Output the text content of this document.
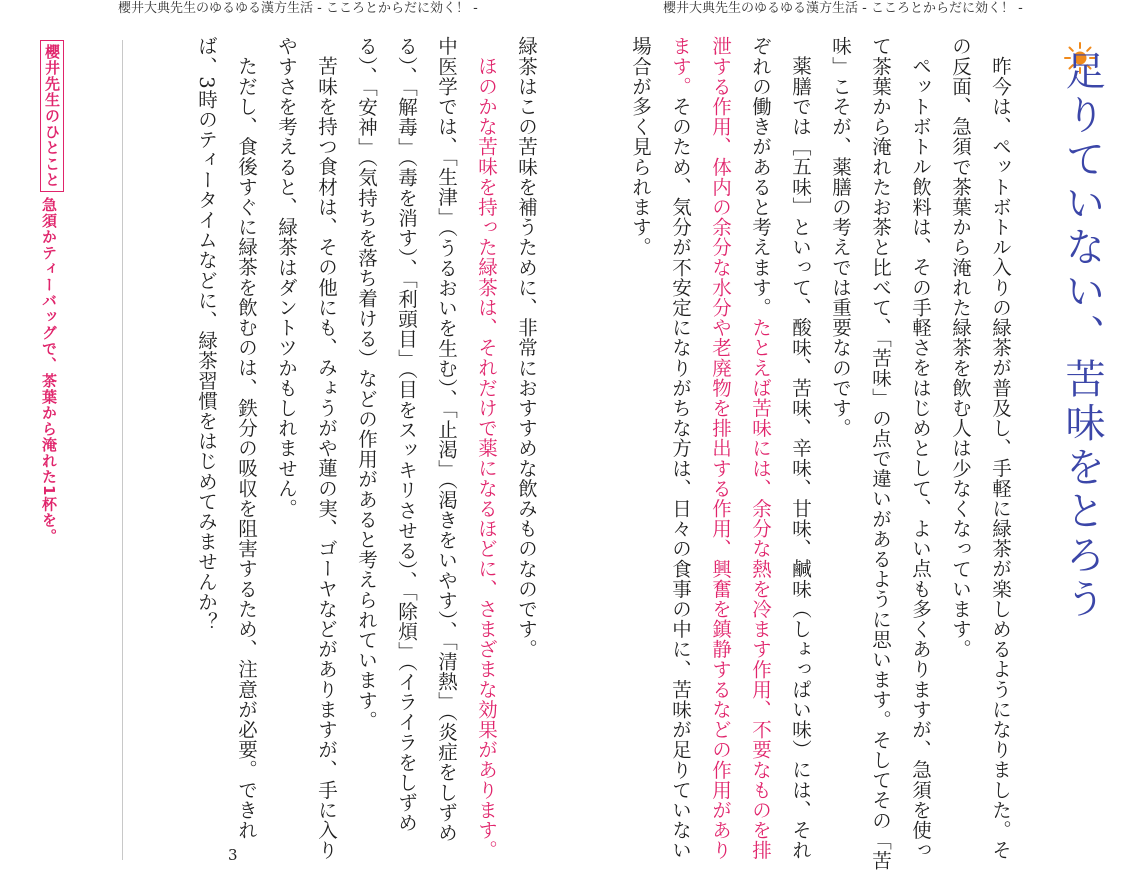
櫻井大典先生のゆるゆる漢方生活 - こころとからだに効く！ -	櫻井大典先生のゆるゆる漢方生活 - こころとからだに効く！ -
足りていない、苦味をとろう

昨今は、ペットボトル入りの緑茶が普及し、手軽に緑茶が楽しめるようになりました。その反面、急須で茶葉から淹れた緑茶を飲む人は少なくなっています。

ペットボトル飲料は、その手軽さをはじめとして、よい点も多くありますが、急須を使って茶葉から淹れたお茶と比べて、「苦味」の点で違いがあるように思います。そしてその「苦味」こそが、薬膳の考えでは重要なのです。

薬膳では［五味］といって、酸味、苦味、辛味、甘味、鹹味（しょっぱい味）には、それぞれの働きがあると考えます。たとえば苦味には、余分な熱を冷ます作用、不要なものを排泄する作用、体内の余分な水分や老廃物を排出する作用、興奮を鎮静するなどの作用があります。そのため、気分が不安定になりがちな方は、日々の食事の中に、苦味が足りていない場合が多く見られます。

緑茶はこの苦味を補うために、非常におすすめな飲みものなのです。

ほのかな苦味を持った緑茶は、それだけで薬になるほどに、さまざまな効果があります。中医学では、「生津」（うるおいを生む）、「止渇」（渇きをいやす）、「清熱」（炎症をしずめる）、「解毒」（毒を消す）、「利頭目」（目をスッキリさせる）、「除煩」（イライラをしずめる）、「安神」（気持ちを落ち着ける）などの作用があると考えられています。

苦味を持つ食材は、その他にも、みょうがや蓮の実、ゴーヤなどがありますが、手に入りやすさを考えると、緑茶はダントツかもしれません。

ただし、食後すぐに緑茶を飲むのは、鉄分の吸収を阻害するため、注意が必要。できれば、3時のティータイムなどに、緑茶習慣をはじめてみませんか？

櫻井先生のひとこと
急須かティーバッグで、茶葉から淹れた1杯を。
3
